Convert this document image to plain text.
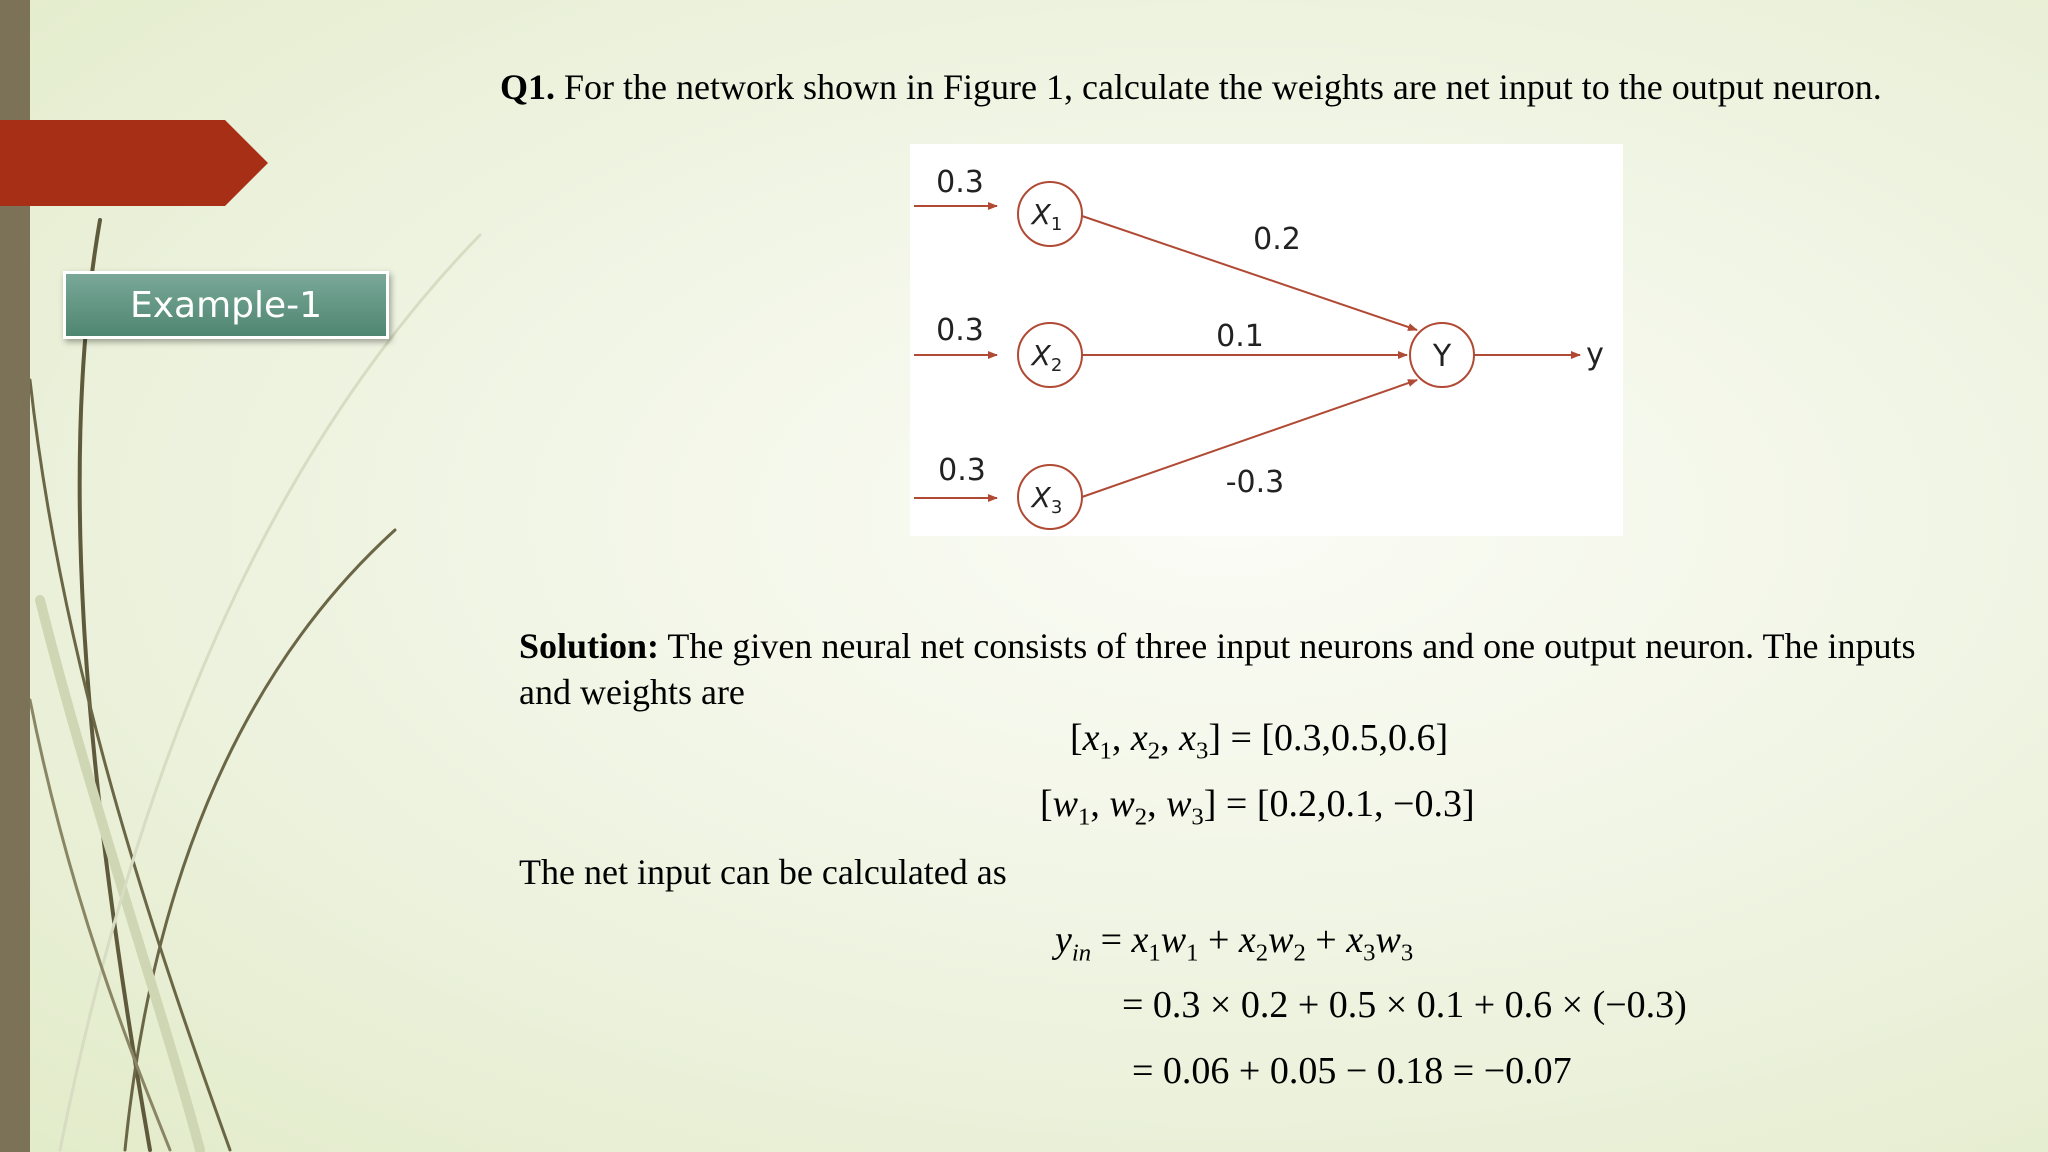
Example-1
Q1. For the network shown in Figure 1, calculate the weights are net input to the output neuron.
0.3
0.3
0.3
0.2
0.1
-0.3
$X_1$
$X_2$
$X_3$
Y	y
Solution: The given neural net consists of three input neurons and one output neuron. The inputs
and weights are
[$x_1$, $x_2$, $x_3] = [0.3,0.5,0.6]$
[$w_1$, $w_2$, $w_3] = [0.2,0.1$, −0.3]
The net input can be calculated as
$y_{in} = x_1w_1 + x_2w_2 + x_3w_3$
= 0.3 × 0.2 + 0.5 × 0.1 + 0.6 × (−0.3)
= 0.06 + 0.05 − 0.18 = −0.07
